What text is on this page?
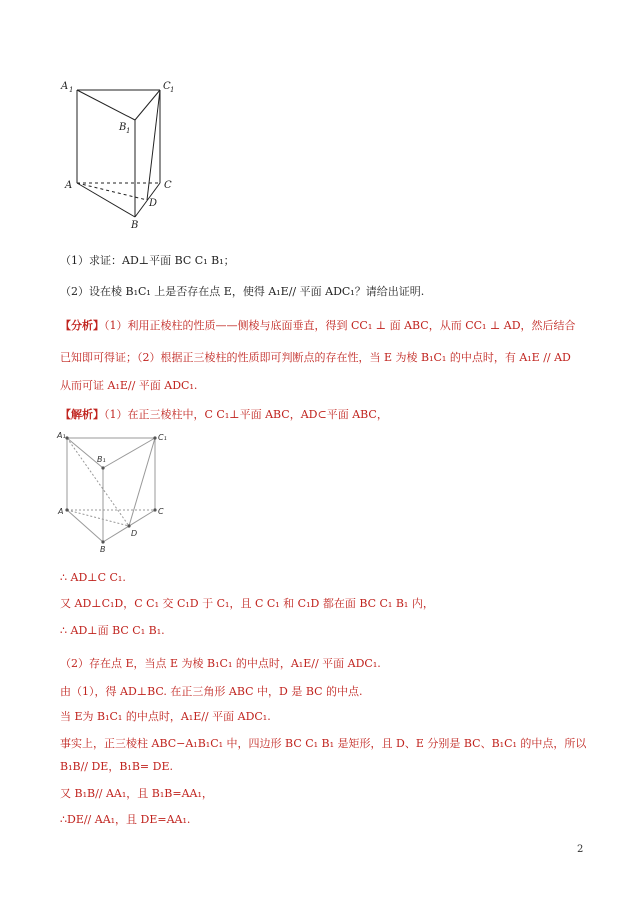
A 1	C 1
B 1
A	C
D
B
（1）求证：AD⊥平面 BC C₁ B₁；
（2）设在棱 B₁C₁ 上是否存在点 E，使得 A₁E// 平面 ADC₁？请给出证明.
【分析】（1）利用正棱柱的性质——侧棱与底面垂直，得到 CC₁ ⊥ 面 ABC，从而 CC₁ ⊥ AD，然后结合
已知即可得证；（2）根据正三棱柱的性质即可判断点的存在性，当 E 为棱 B₁C₁ 的中点时，有 A₁E // AD
从而可证 A₁E// 平面 ADC₁.
【解析】（1）在正三棱柱中，C C₁⊥平面 ABC，AD⊂平面 ABC，
A₁	C₁
B₁
A	C
D
B
∴ AD⊥C C₁.
又 AD⊥C₁D，C C₁ 交 C₁D 于 C₁，且 C C₁ 和 C₁D 都在面 BC C₁ B₁ 内，
∴ AD⊥面 BC C₁ B₁.
（2）存在点 E，当点 E 为棱 B₁C₁ 的中点时，A₁E// 平面 ADC₁.
由（1），得 AD⊥BC. 在正三角形 ABC 中，D 是 BC 的中点.
当 E为 B₁C₁ 的中点时，A₁E// 平面 ADC₁.
事实上，正三棱柱 ABC−A₁B₁C₁ 中，四边形 BC C₁ B₁ 是矩形，且 D、E 分别是 BC、B₁C₁ 的中点，所以
B₁B// DE，B₁B= DE.
又 B₁B// AA₁，且 B₁B=AA₁，
∴DE// AA₁，且 DE=AA₁.
2
